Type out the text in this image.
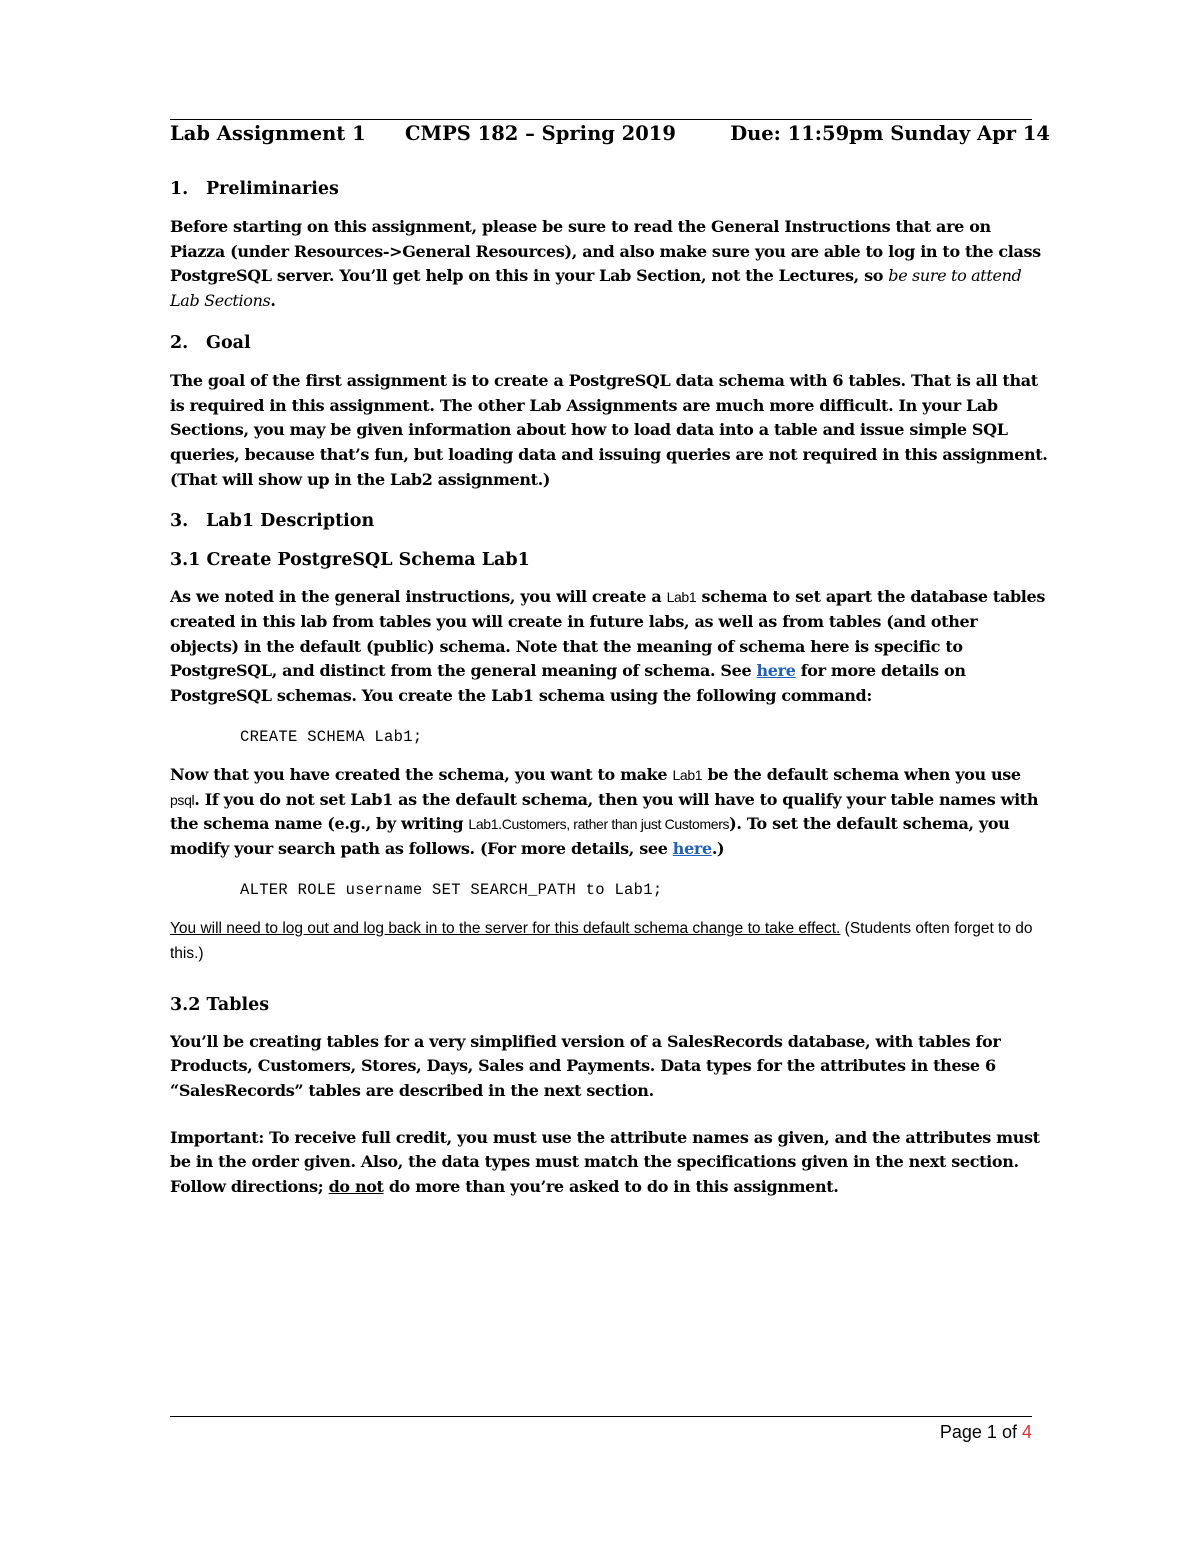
Lab Assignment 1 CMPS 182 – Spring 2019	Due: 11:59pm Sunday Apr 14
1. Preliminaries

Before starting on this assignment, please be sure to read the General Instructions that are on Piazza (under Resources->General Resources), and also make sure you are able to log in to the class PostgreSQL server. You’ll get help on this in your Lab Section, not the Lectures, so be sure to attend Lab Sections.

2. Goal

The goal of the first assignment is to create a PostgreSQL data schema with 6 tables. That is all that is required in this assignment. The other Lab Assignments are much more difficult. In your Lab Sections, you may be given information about how to load data into a table and issue simple SQL queries, because that’s fun, but loading data and issuing queries are not required in this assignment. (That will show up in the Lab2 assignment.)

3. Lab1 Description
3.1 Create PostgreSQL Schema Lab1

As we noted in the general instructions, you will create a Lab1 schema to set apart the database tables created in this lab from tables you will create in future labs, as well as from tables (and other objects) in the default (public) schema. Note that the meaning of schema here is specific to PostgreSQL, and distinct from the general meaning of schema. See here for more details on PostgreSQL schemas. You create the Lab1 schema using the following command:

CREATE SCHEMA Lab1;

Now that you have created the schema, you want to make Lab1 be the default schema when you use psql. If you do not set Lab1 as the default schema, then you will have to qualify your table names with the schema name (e.g., by writing Lab1.Customers, rather than just Customers). To set the default schema, you modify your search path as follows. (For more details, see here.)

ALTER ROLE username SET SEARCH_PATH to Lab1;

You will need to log out and log back in to the server for this default schema change to take effect. (Students often forget to do this.)

3.2 Tables

You’ll be creating tables for a very simplified version of a SalesRecords database, with tables for Products, Customers, Stores, Days, Sales and Payments. Data types for the attributes in these 6 “SalesRecords” tables are described in the next section.

Important: To receive full credit, you must use the attribute names as given, and the attributes must be in the order given. Also, the data types must match the specifications given in the next section. Follow directions; do not do more than you’re asked to do in this assignment.

Page 1 of 4
